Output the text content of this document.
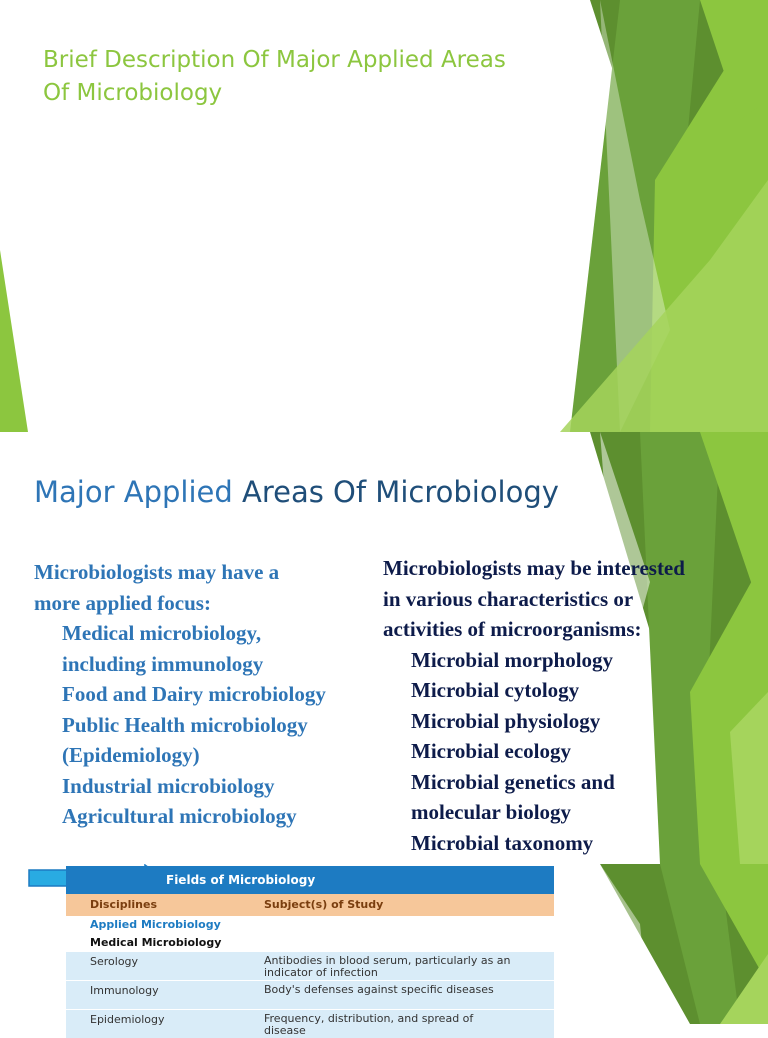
Brief Description Of Major Applied Areas
Of Microbiology
Major Applied Areas Of Microbiology

Microbiologists may have a
more applied focus:

Medical microbiology,
including immunology
Food and Dairy microbiology
Public Health microbiology
(Epidemiology)
Industrial microbiology
Agricultural microbiology

Microbiologists may be interested
in various characteristics or
activities of microorganisms:

Microbial morphology
Microbial cytology
Microbial physiology
Microbial ecology
Microbial genetics and
molecular biology
Microbial taxonomy
Fields of Microbiology
Disciplines	Subject(s) of Study
Applied Microbiology
Medical Microbiology
Serology	Antibodies in blood serum, particularly as an indicator of infection
Immunology	Body's defenses against specific diseases
Epidemiology	Frequency, distribution, and spread of disease
